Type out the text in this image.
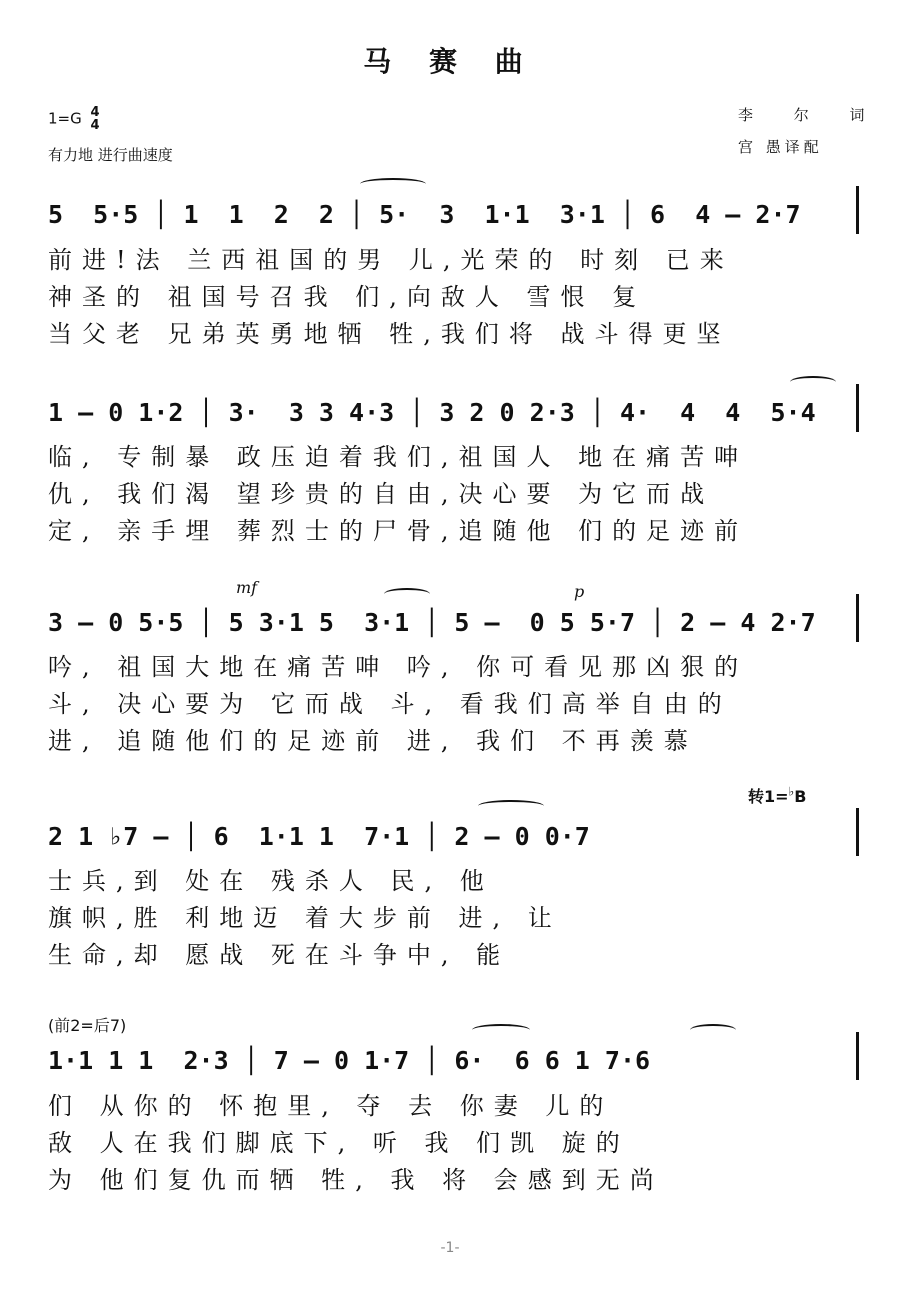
马 赛 曲
1=G 4
4
有力地 进行曲速度
李 尔 词
宫 愚译配
5  5·5 │ 1  1  2  2 │ 5·  3  1·1  3·1 │ 6  4 – 2·7
前进!法 兰西祖国的男 儿,光荣的 时刻 已来
神圣的 祖国号召我 们,向敌人 雪恨 复
当父老 兄弟英勇地牺 牲,我们将 战斗得更坚
1 – 0 1·2 │ 3·  3 3 4·3 │ 3 2 0 2·3 │ 4·  4  4  5·4
临, 专制暴 政压迫着我们,祖国人 地在痛苦呻
仇, 我们渴 望珍贵的自由,决心要 为它而战
定, 亲手埋 葬烈士的尸骨,追随他 们的足迹前
mf	p
3 – 0 5·5 │ 5 3·1 5  3·1 │ 5 –  0 5 5·7 │ 2 – 4 2·7
吟, 祖国大地在痛苦呻 吟, 你可看见那凶狠的
斗, 决心要为 它而战 斗, 看我们高举自由的
进, 追随他们的足迹前 进, 我们 不再羡慕
转1=♭B
2 1 ♭7 – │ 6  1·1 1  7·1 │ 2 – 0 0·7
士兵,到 处在 残杀人 民, 他
旗帜,胜 利地迈 着大步前 进, 让
生命,却 愿战 死在斗争中, 能
(前2=后7)
1·1 1 1  2·3 │ 7 – 0 1·7 │ 6·  6 6 1 7·6
们 从你的 怀抱里, 夺 去 你妻 儿的
敌 人在我们脚底下, 听 我 们凯 旋的
为 他们复仇而牺 牲, 我 将 会感到无尚
-1-
